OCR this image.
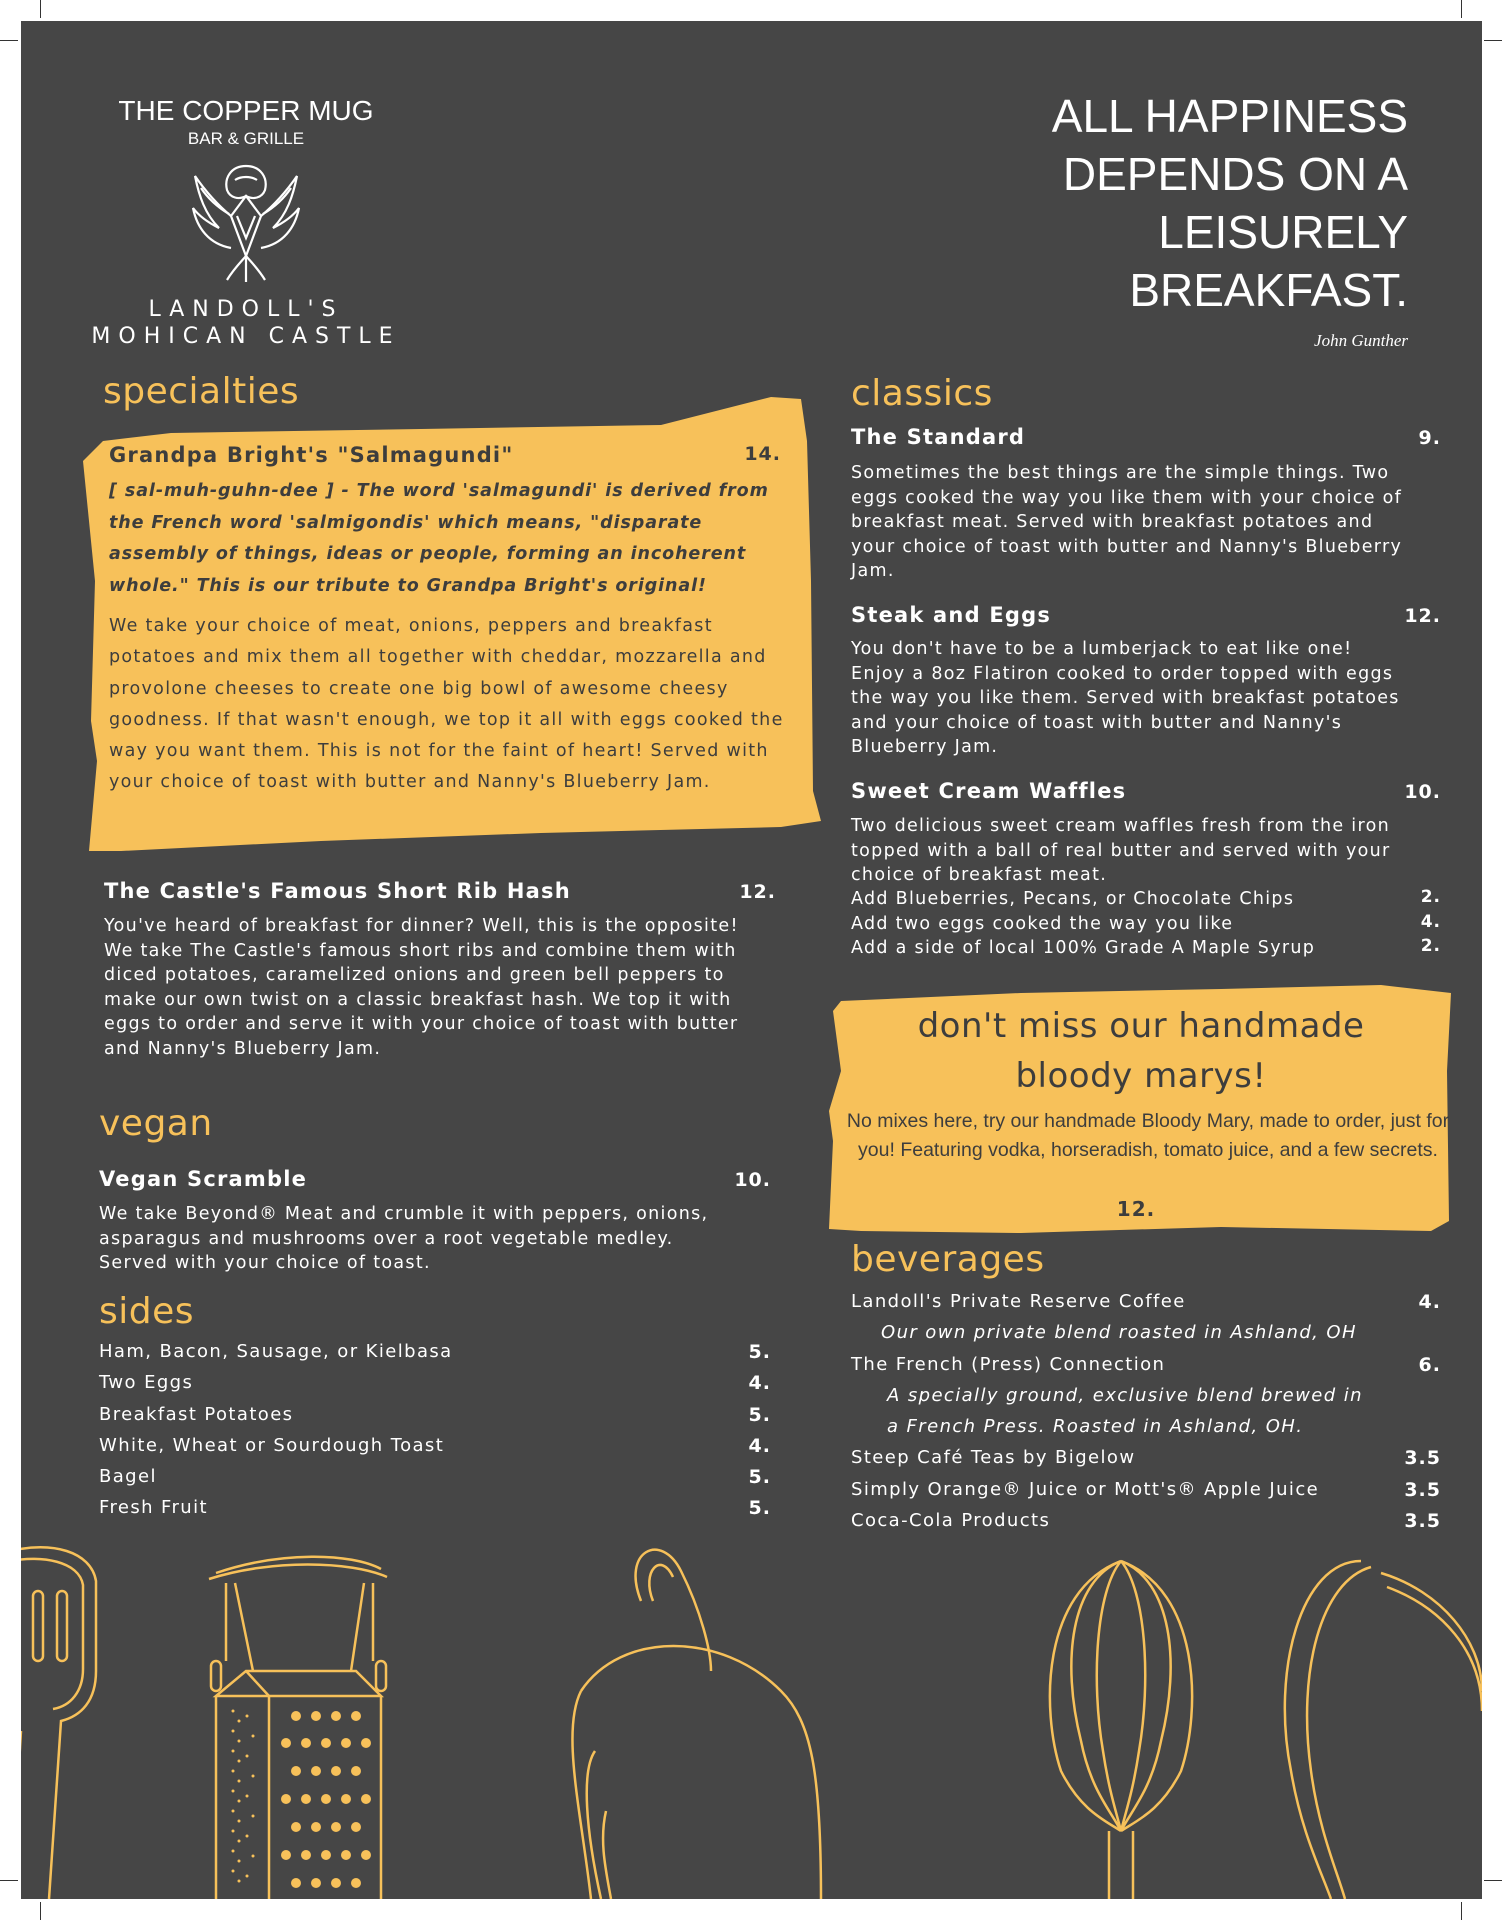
THE COPPER MUG
BAR & GRILLE
LANDOLL'S
MOHICAN CASTLE
ALL HAPPINESS
DEPENDS ON A
LEISURELY
BREAKFAST.
John Gunther
specialties
Grandpa Bright's "Salmagundi"	14.
[ sal-muh-guhn-dee ] - The word 'salmagundi' is derived from the French word 'salmigondis' which means, "disparate assembly of things, ideas or people, forming an incoherent whole." This is our tribute to Grandpa Bright's original!
We take your choice of meat, onions, peppers and breakfast potatoes and mix them all together with cheddar, mozzarella and provolone cheeses to create one big bowl of awesome cheesy goodness. If that wasn't enough, we top it all with eggs cooked the way you want them. This is not for the faint of heart! Served with your choice of toast with butter and Nanny's Blueberry Jam.
The Castle's Famous Short Rib Hash	12.
You've heard of breakfast for dinner? Well, this is the opposite! We take The Castle's famous short ribs and combine them with diced potatoes, caramelized onions and green bell peppers to make our own twist on a classic breakfast hash. We top it with eggs to order and serve it with your choice of toast with butter and Nanny's Blueberry Jam.
vegan
Vegan Scramble	10.
We take Beyond® Meat and crumble it with peppers, onions, asparagus and mushrooms over a root vegetable medley. Served with your choice of toast.
sides
Ham, Bacon, Sausage, or Kielbasa	5.
Two Eggs	4.
Breakfast Potatoes	5.
White, Wheat or Sourdough Toast	4.
Bagel	5.
Fresh Fruit	5.
classics
The Standard	9.
Sometimes the best things are the simple things. Two eggs cooked the way you like them with your choice of breakfast meat. Served with breakfast potatoes and your choice of toast with butter and Nanny's Blueberry Jam.
Steak and Eggs	12.
You don't have to be a lumberjack to eat like one! Enjoy a 8oz Flatiron cooked to order topped with eggs the way you like them. Served with breakfast potatoes and your choice of toast with butter and Nanny's Blueberry Jam.
Sweet Cream Waffles	10.
Two delicious sweet cream waffles fresh from the iron topped with a ball of real butter and served with your choice of breakfast meat.
Add Blueberries, Pecans, or Chocolate Chips	2.
Add two eggs cooked the way you like	4.
Add a side of local 100% Grade A Maple Syrup	2.
don't miss our handmade
bloody marys!
No mixes here, try our handmade Bloody Mary, made to order, just for you! Featuring vodka, horseradish, tomato juice, and a few secrets.
12.
beverages
Landoll's Private Reserve Coffee	4.
Our own private blend roasted in Ashland, OH
The French (Press) Connection	6.
A specially ground, exclusive blend brewed in
a French Press. Roasted in Ashland, OH.
Steep Café Teas by Bigelow	3.5
Simply Orange® Juice or Mott's® Apple Juice	3.5
Coca-Cola Products	3.5
